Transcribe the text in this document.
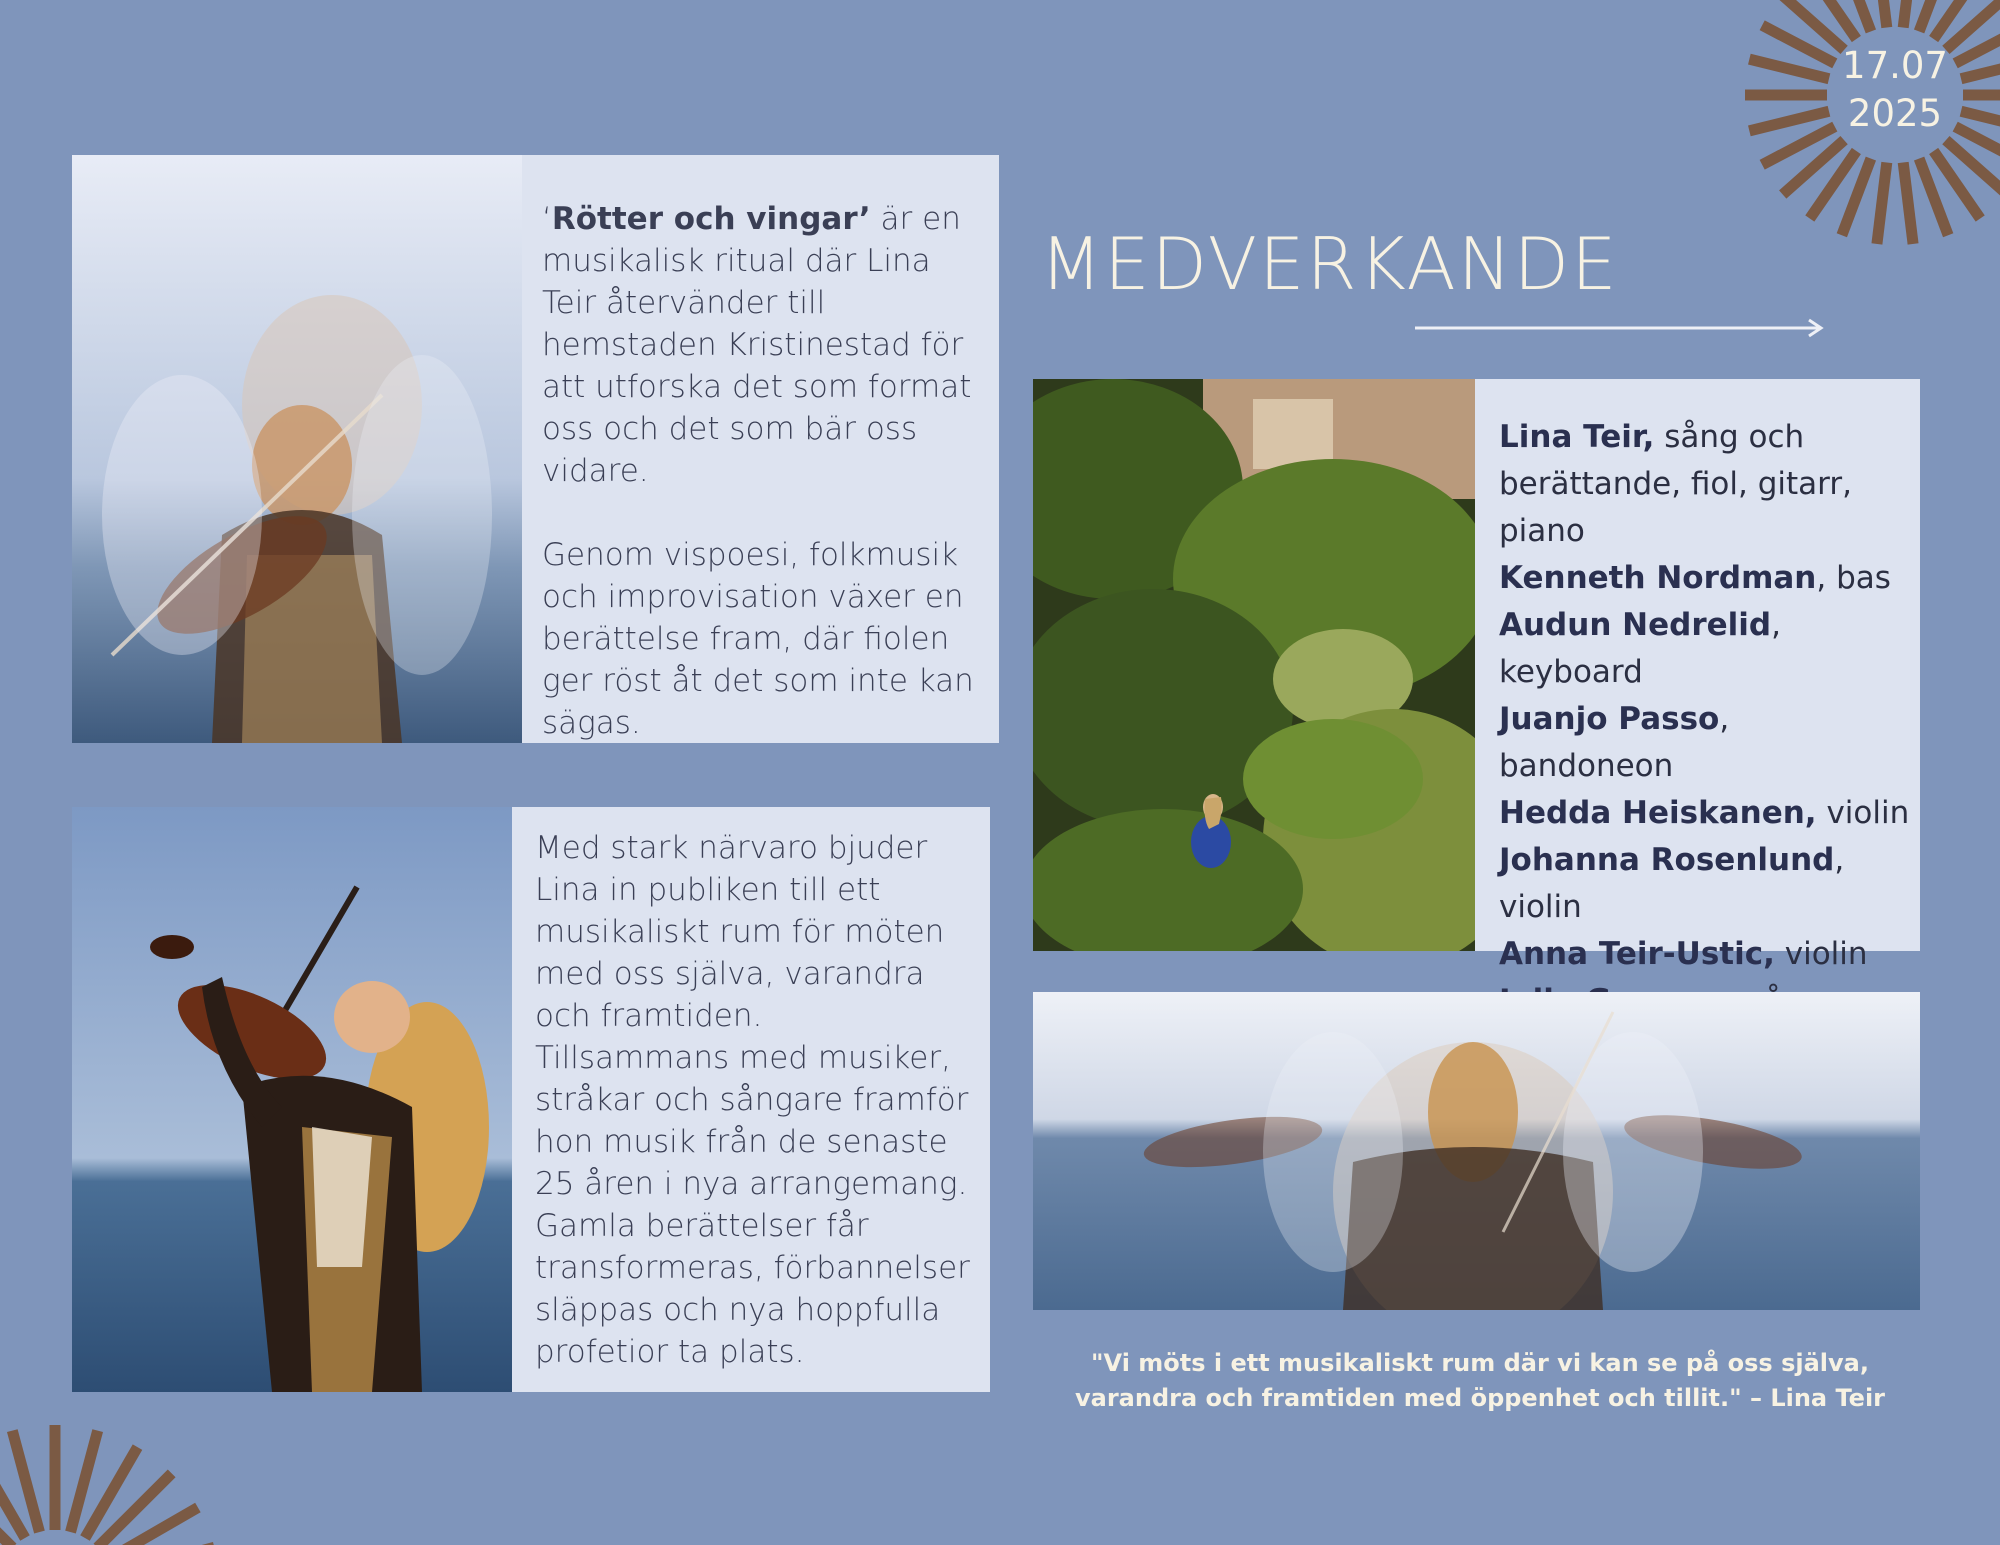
17.07
2025

‘Rötter och vingar’ är en musikalisk ritual där Lina Teir återvänder till hemstaden Kristinestad för att utforska det som format oss och det som bär oss vidare.

Genom vispoesi, folkmusik och improvisation växer en berättelse fram, där fiolen ger röst åt det som inte kan sägas.

Med stark närvaro bjuder Lina in publiken till ett musikaliskt rum för möten med oss själva, varandra och framtiden.

Tillsammans med musiker, stråkar och sångare framför hon musik från de senaste 25 åren i nya arrangemang. Gamla berättelser får transformeras, förbannelser släppas och nya hoppfulla profetior ta plats.

MEDVERKANDE
Lina Teir, sång och berättande, fiol, gitarr, piano
Kenneth Nordman, bas
Audun Nedrelid, keyboard
Juanjo Passo, bandoneon
Hedda Heiskanen, violin
Johanna Rosenlund, violin
Anna Teir-Ustic, violin
"Vi möts i ett musikaliskt rum där vi kan se på oss själva, varandra och framtiden med öppenhet och tillit." – Lina Teir
